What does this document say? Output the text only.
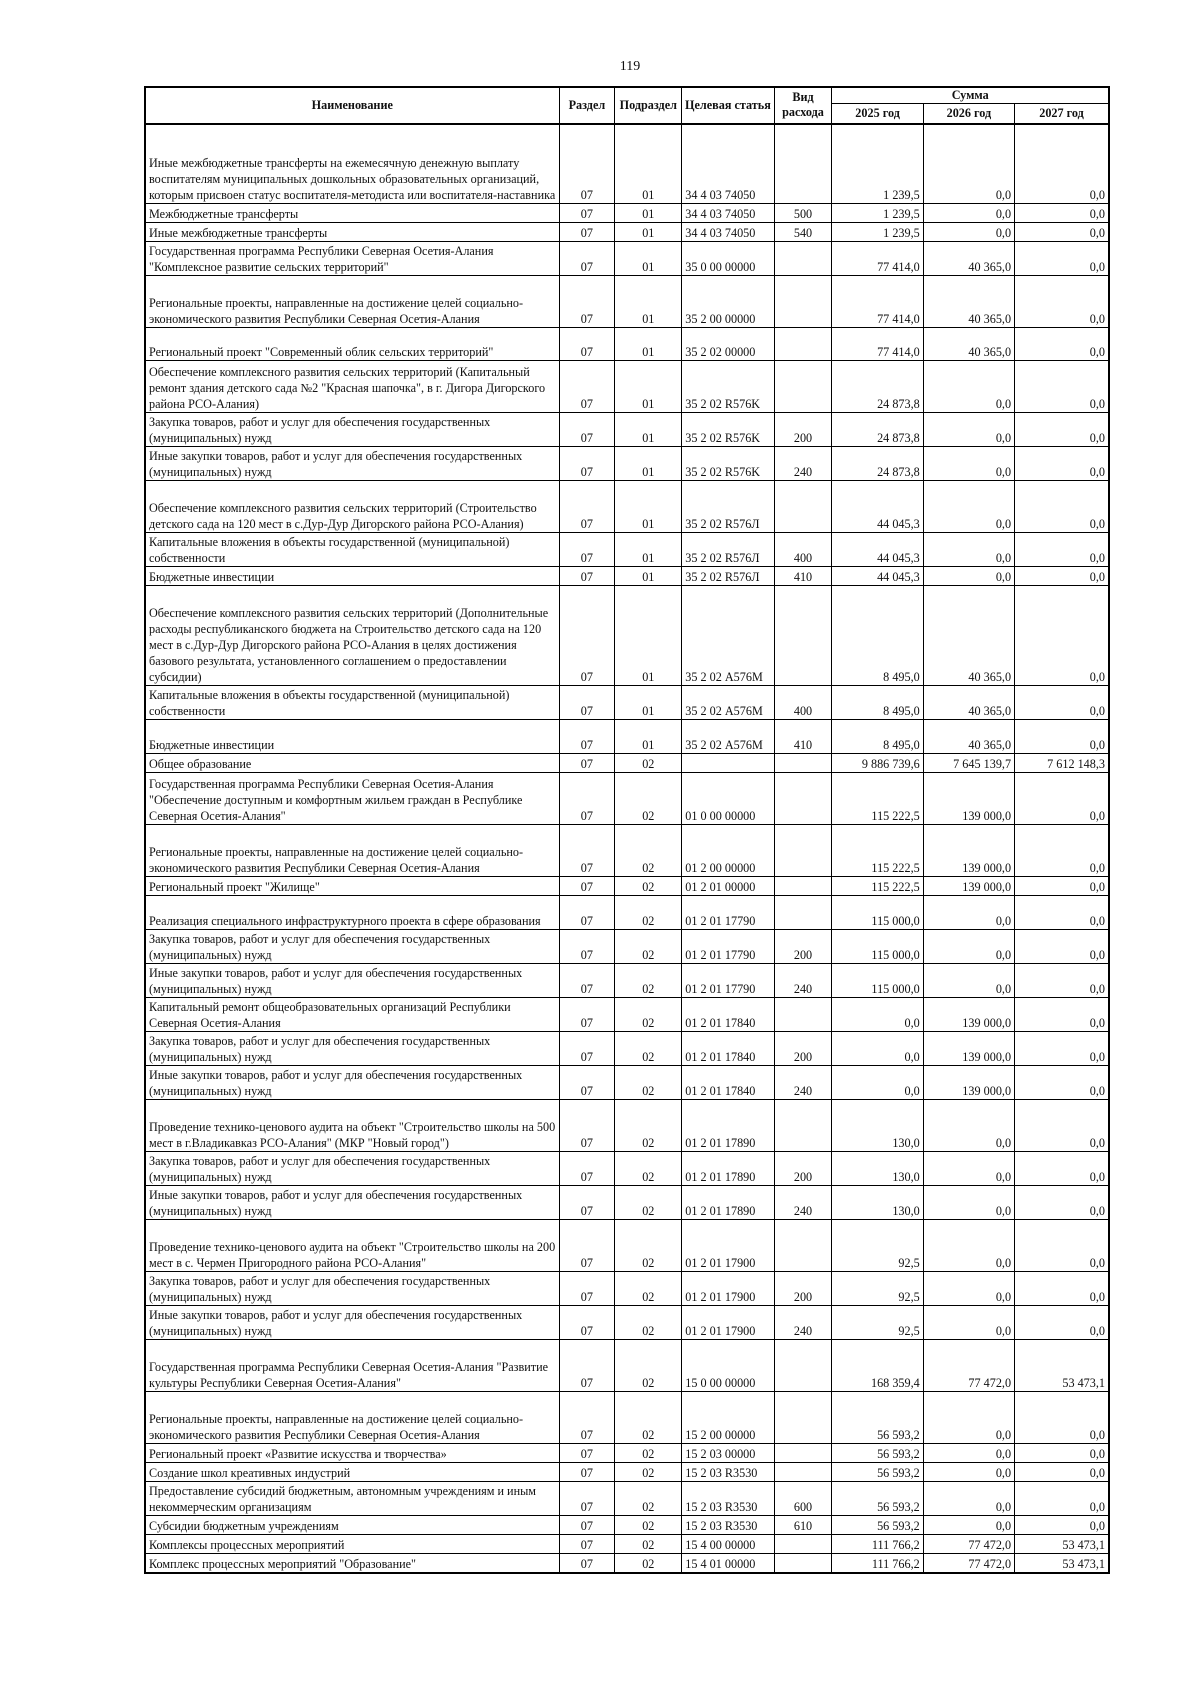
119
Наименование	Раздел	Подраздел	Целевая статья	Вид расхода	Сумма		
					2025 год	2026 год	2027 год
Иные межбюджетные трансферты на ежемесячную денежную выплату воспитателям муниципальных дошкольных образовательных организаций, которым присвоен статус воспитателя-методиста или воспитателя-наставника	07	01	34 4 03 74050		1 239,5	0,0	0,0
Межбюджетные трансферты	07	01	34 4 03 74050	500	1 239,5	0,0	0,0
Иные межбюджетные трансферты	07	01	34 4 03 74050	540	1 239,5	0,0	0,0
Государственная программа Республики Северная Осетия-Алания "Комплексное развитие сельских территорий"	07	01	35 0 00 00000		77 414,0	40 365,0	0,0
Региональные проекты, направленные на достижение целей социально-экономического развития Республики Северная Осетия-Алания	07	01	35 2 00 00000		77 414,0	40 365,0	0,0
Региональный проект "Современный облик сельских территорий"	07	01	35 2 02 00000		77 414,0	40 365,0	0,0
Обеспечение комплексного развития сельских территорий (Капитальный ремонт здания детского сада №2 "Красная шапочка", в г. Дигора Дигорского района РСО-Алания)	07	01	35 2 02 R576K		24 873,8	0,0	0,0
Закупка товаров, работ и услуг для обеспечения государственных (муниципальных) нужд	07	01	35 2 02 R576K	200	24 873,8	0,0	0,0
Иные закупки товаров, работ и услуг для обеспечения государственных (муниципальных) нужд	07	01	35 2 02 R576K	240	24 873,8	0,0	0,0
Обеспечение комплексного развития сельских территорий (Строительство детского сада на 120 мест в с.Дур-Дур Дигорского района РСО-Алания)	07	01	35 2 02 R576Л		44 045,3	0,0	0,0
Капитальные вложения в объекты государственной (муниципальной) собственности	07	01	35 2 02 R576Л	400	44 045,3	0,0	0,0
Бюджетные инвестиции	07	01	35 2 02 R576Л	410	44 045,3	0,0	0,0
Обеспечение комплексного развития сельских территорий (Дополнительные расходы республиканского бюджета на Строительство детского сада на 120 мест в с.Дур-Дур Дигорского района РСО-Алания в целях достижения базового результата, установленного соглашением о предоставлении субсидии)	07	01	35 2 02 А576М		8 495,0	40 365,0	0,0
Капитальные вложения в объекты государственной (муниципальной) собственности	07	01	35 2 02 А576М	400	8 495,0	40 365,0	0,0
Бюджетные инвестиции	07	01	35 2 02 А576М	410	8 495,0	40 365,0	0,0
Общее образование	07	02			9 886 739,6	7 645 139,7	7 612 148,3
Государственная программа Республики Северная Осетия-Алания "Обеспечение доступным и комфортным жильем граждан в Республике Северная Осетия-Алания"	07	02	01 0 00 00000		115 222,5	139 000,0	0,0
Региональные проекты, направленные на достижение целей социально-экономического развития Республики Северная Осетия-Алания	07	02	01 2 00 00000		115 222,5	139 000,0	0,0
Региональный проект "Жилище"	07	02	01 2 01 00000		115 222,5	139 000,0	0,0
Реализация специального инфраструктурного проекта в сфере образования	07	02	01 2 01 17790		115 000,0	0,0	0,0
Закупка товаров, работ и услуг для обеспечения государственных (муниципальных) нужд	07	02	01 2 01 17790	200	115 000,0	0,0	0,0
Иные закупки товаров, работ и услуг для обеспечения государственных (муниципальных) нужд	07	02	01 2 01 17790	240	115 000,0	0,0	0,0
Капитальный ремонт общеобразовательных организаций Республики Северная Осетия-Алания	07	02	01 2 01 17840		0,0	139 000,0	0,0
Закупка товаров, работ и услуг для обеспечения государственных (муниципальных) нужд	07	02	01 2 01 17840	200	0,0	139 000,0	0,0
Иные закупки товаров, работ и услуг для обеспечения государственных (муниципальных) нужд	07	02	01 2 01 17840	240	0,0	139 000,0	0,0
Проведение технико-ценового аудита на объект "Строительство школы на 500 мест в г.Владикавказ РСО-Алания" (МКР "Новый город")	07	02	01 2 01 17890		130,0	0,0	0,0
Закупка товаров, работ и услуг для обеспечения государственных (муниципальных) нужд	07	02	01 2 01 17890	200	130,0	0,0	0,0
Иные закупки товаров, работ и услуг для обеспечения государственных (муниципальных) нужд	07	02	01 2 01 17890	240	130,0	0,0	0,0
Проведение технико-ценового аудита на объект "Строительство школы на 200 мест в с. Чермен Пригородного района РСО-Алания"	07	02	01 2 01 17900		92,5	0,0	0,0
Закупка товаров, работ и услуг для обеспечения государственных (муниципальных) нужд	07	02	01 2 01 17900	200	92,5	0,0	0,0
Иные закупки товаров, работ и услуг для обеспечения государственных (муниципальных) нужд	07	02	01 2 01 17900	240	92,5	0,0	0,0
Государственная программа Республики Северная Осетия-Алания "Развитие культуры Республики Северная Осетия-Алания"	07	02	15 0 00 00000		168 359,4	77 472,0	53 473,1
Региональные проекты, направленные на достижение целей социально-экономического развития Республики Северная Осетия-Алания	07	02	15 2 00 00000		56 593,2	0,0	0,0
Региональный проект «Развитие искусства и творчества»	07	02	15 2 03 00000		56 593,2	0,0	0,0
Создание школ креативных индустрий	07	02	15 2 03 R3530		56 593,2	0,0	0,0
Предоставление субсидий бюджетным, автономным учреждениям и иным некоммерческим организациям	07	02	15 2 03 R3530	600	56 593,2	0,0	0,0
Субсидии бюджетным учреждениям	07	02	15 2 03 R3530	610	56 593,2	0,0	0,0
Комплексы процессных мероприятий	07	02	15 4 00 00000		111 766,2	77 472,0	53 473,1
Комплекс процессных мероприятий "Образование"	07	02	15 4 01 00000		111 766,2	77 472,0	53 473,1
